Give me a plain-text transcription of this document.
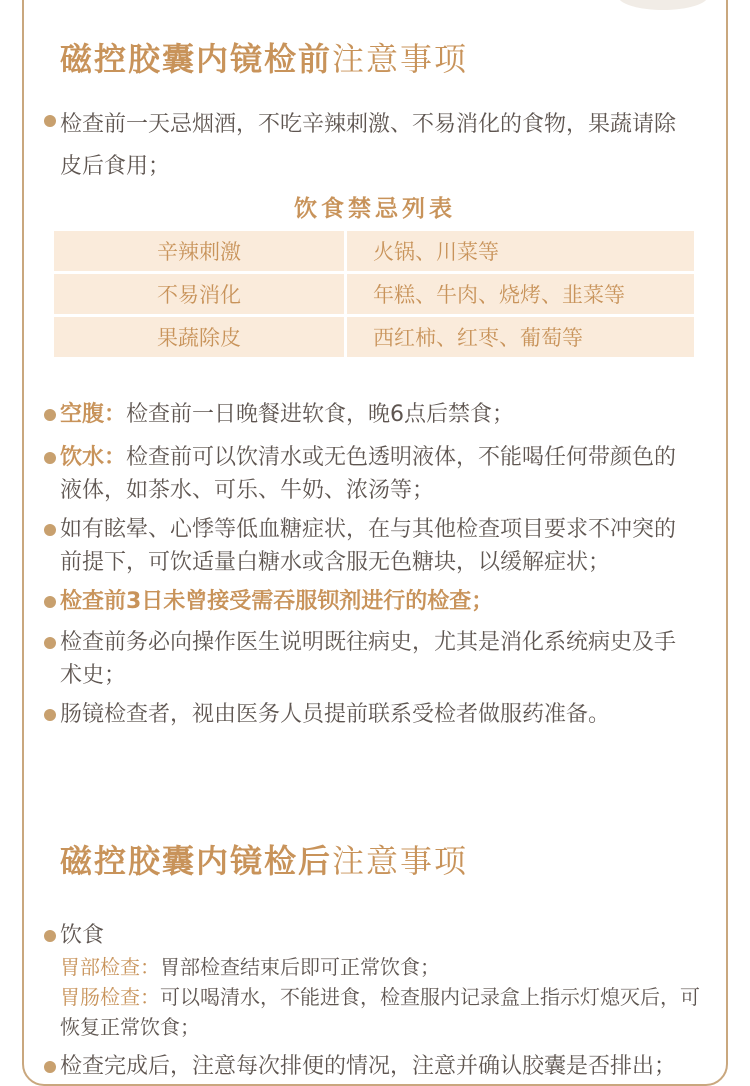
磁控胶囊内镜检前注意事项
检查前一天忌烟酒，不吃辛辣刺激、不易消化的食物，果蔬请除皮后食用；
饮食禁忌列表
辛辣刺激	火锅、川菜等
不易消化	年糕、牛肉、烧烤、韭菜等
果蔬除皮	西红柿、红枣、葡萄等
空腹：检查前一日晚餐进软食，晚6点后禁食；
饮水：检查前可以饮清水或无色透明液体，不能喝任何带颜色的液体，如茶水、可乐、牛奶、浓汤等；
如有眩晕、心悸等低血糖症状，在与其他检查项目要求不冲突的前提下，可饮适量白糖水或含服无色糖块，以缓解症状；
检查前3日未曾接受需吞服钡剂进行的检查；
检查前务必向操作医生说明既往病史，尤其是消化系统病史及手术史；
肠镜检查者，视由医务人员提前联系受检者做服药准备。
磁控胶囊内镜检后注意事项
饮食
胃部检查：胃部检查结束后即可正常饮食；
胃肠检查：可以喝清水，不能进食，检查服内记录盒上指示灯熄灭后，可恢复正常饮食；
检查完成后，注意每次排便的情况，注意并确认胶囊是否排出；
